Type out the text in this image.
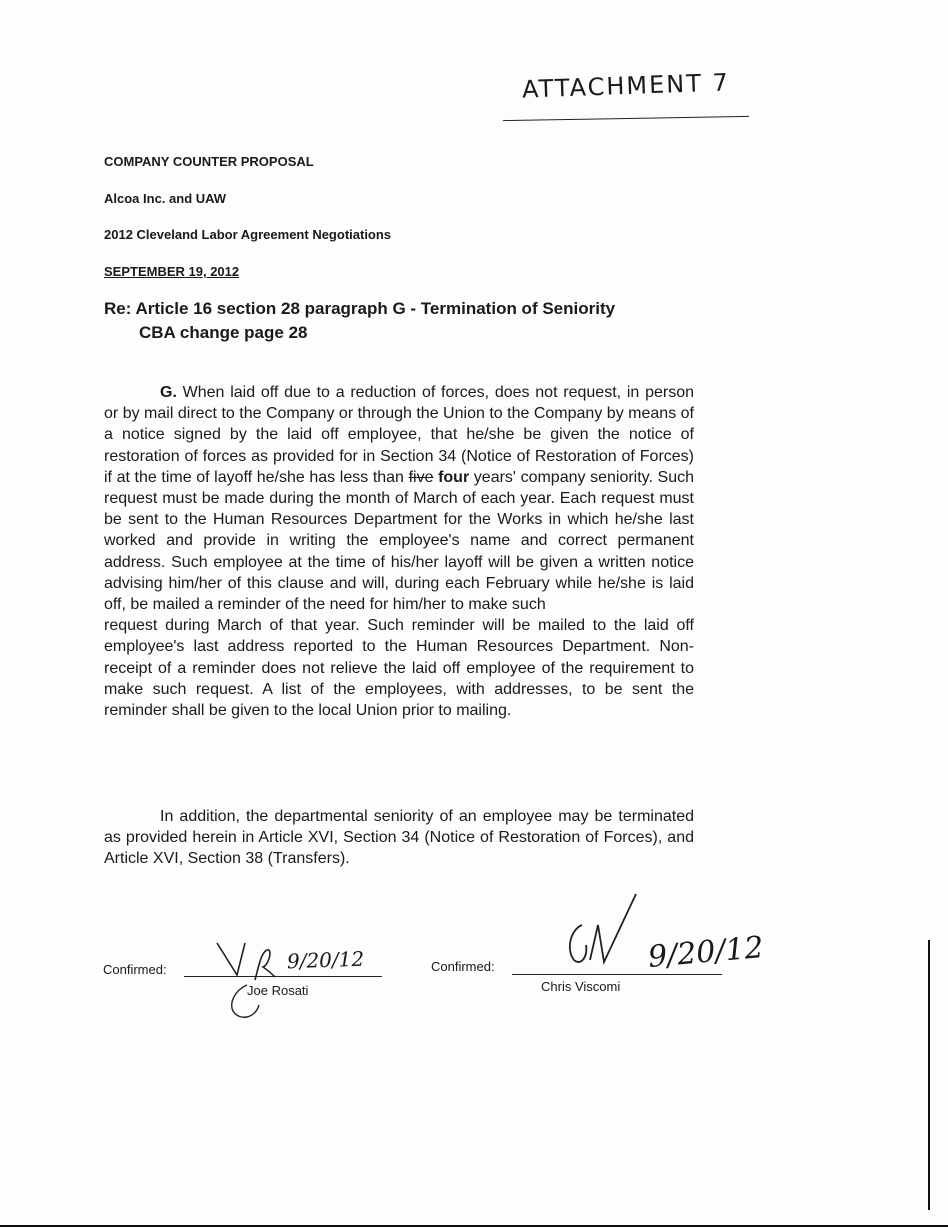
ATTACHMENT 7
COMPANY COUNTER PROPOSAL
Alcoa Inc. and UAW
2012 Cleveland Labor Agreement Negotiations
SEPTEMBER 19, 2012
Re: Article 16 section 28 paragraph G - Termination of Seniority
CBA change page 28
G. When laid off due to a reduction of forces, does not request, in person or by mail direct to the Company or through the Union to the Company by means of a notice signed by the laid off employee, that he/she be given the notice of restoration of forces as provided for in Section 34 (Notice of Restoration of Forces) if at the time of layoff he/she has less than five four years' company seniority. Such request must be made during the month of March of each year. Each request must be sent to the Human Resources Department for the Works in which he/she last worked and provide in writing the employee's name and correct permanent address. Such employee at the time of his/her layoff will be given a written notice advising him/her of this clause and will, during each February while he/she is laid off, be mailed a reminder of the need for him/her to make such
request during March of that year. Such reminder will be mailed to the laid off employee's last address reported to the Human Resources Department. Non-receipt of a reminder does not relieve the laid off employee of the requirement to make such request. A list of the employees, with addresses, to be sent the reminder shall be given to the local Union prior to mailing.
In addition, the departmental seniority of an employee may be terminated as provided herein in Article XVI, Section 34 (Notice of Restoration of Forces), and Article XVI, Section 38 (Transfers).
Confirmed:	9/20/12
Joe Rosati
Confirmed:	9/20/12
Chris Viscomi
